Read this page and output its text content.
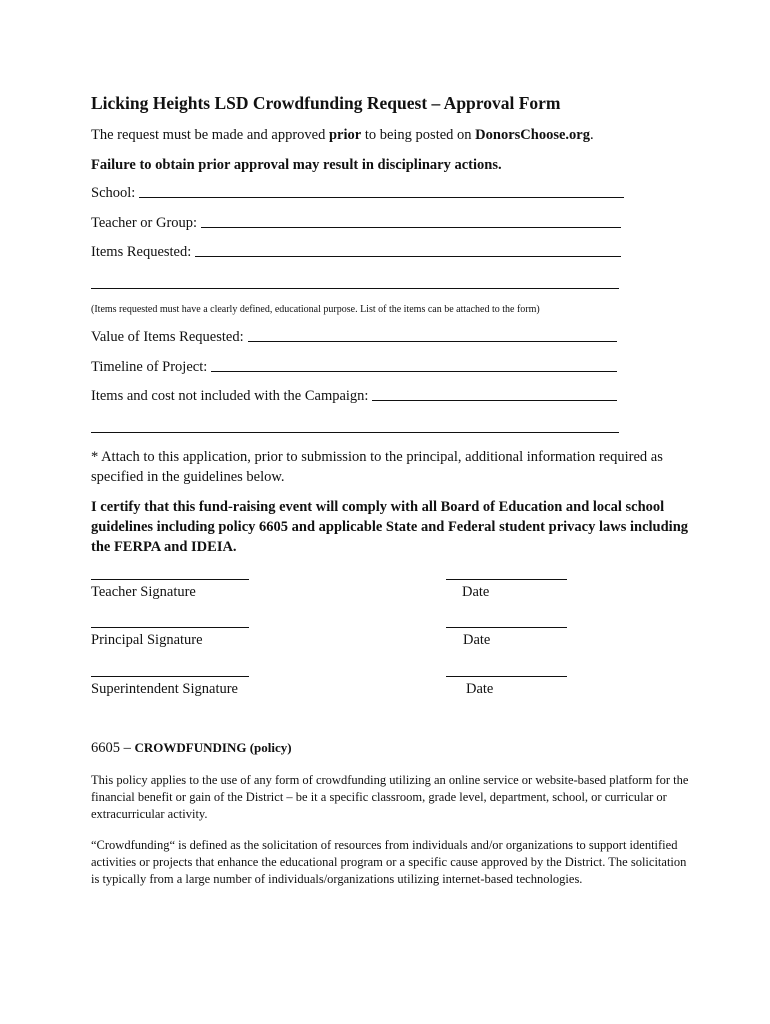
Licking Heights LSD Crowdfunding Request – Approval Form
The request must be made and approved prior to being posted on DonorsChoose.org.
Failure to obtain prior approval may result in disciplinary actions.
School:
Teacher or Group:
Items Requested:
(Items requested must have a clearly defined, educational purpose. List of the items can be attached to the form)
Value of Items Requested:
Timeline of Project:
Items and cost not included with the Campaign:
* Attach to this application, prior to submission to the principal, additional information required as specified in the guidelines below.
I certify that this fund-raising event will comply with all Board of Education and local school guidelines including policy 6605 and applicable State and Federal student privacy laws including the FERPA and IDEIA.
Teacher Signature	Date
Principal Signature	Date
Superintendent Signature	Date
6605 – CROWDFUNDING (policy)
This policy applies to the use of any form of crowdfunding utilizing an online service or website-based platform for the financial benefit or gain of the District – be it a specific classroom, grade level, department, school, or curricular or extracurricular activity.
“Crowdfunding“ is defined as the solicitation of resources from individuals and/or organizations to support identified activities or projects that enhance the educational program or a specific cause approved by the District. The solicitation is typically from a large number of individuals/organizations utilizing internet-based technologies.
